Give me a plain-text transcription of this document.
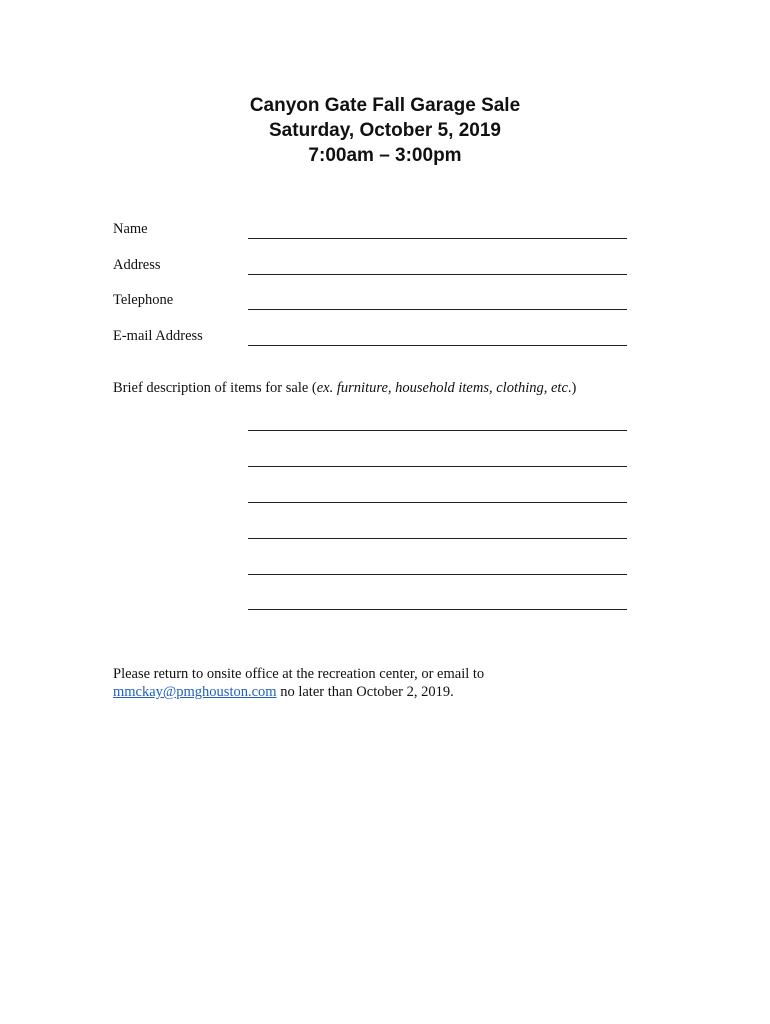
Canyon Gate Fall Garage Sale
Saturday, October 5, 2019
7:00am – 3:00pm
Name
Address
Telephone
E-mail Address
Brief description of items for sale (ex. furniture, household items, clothing, etc.)
Please return to onsite office at the recreation center, or email to
mmckay@pmghouston.com no later than October 2, 2019.
